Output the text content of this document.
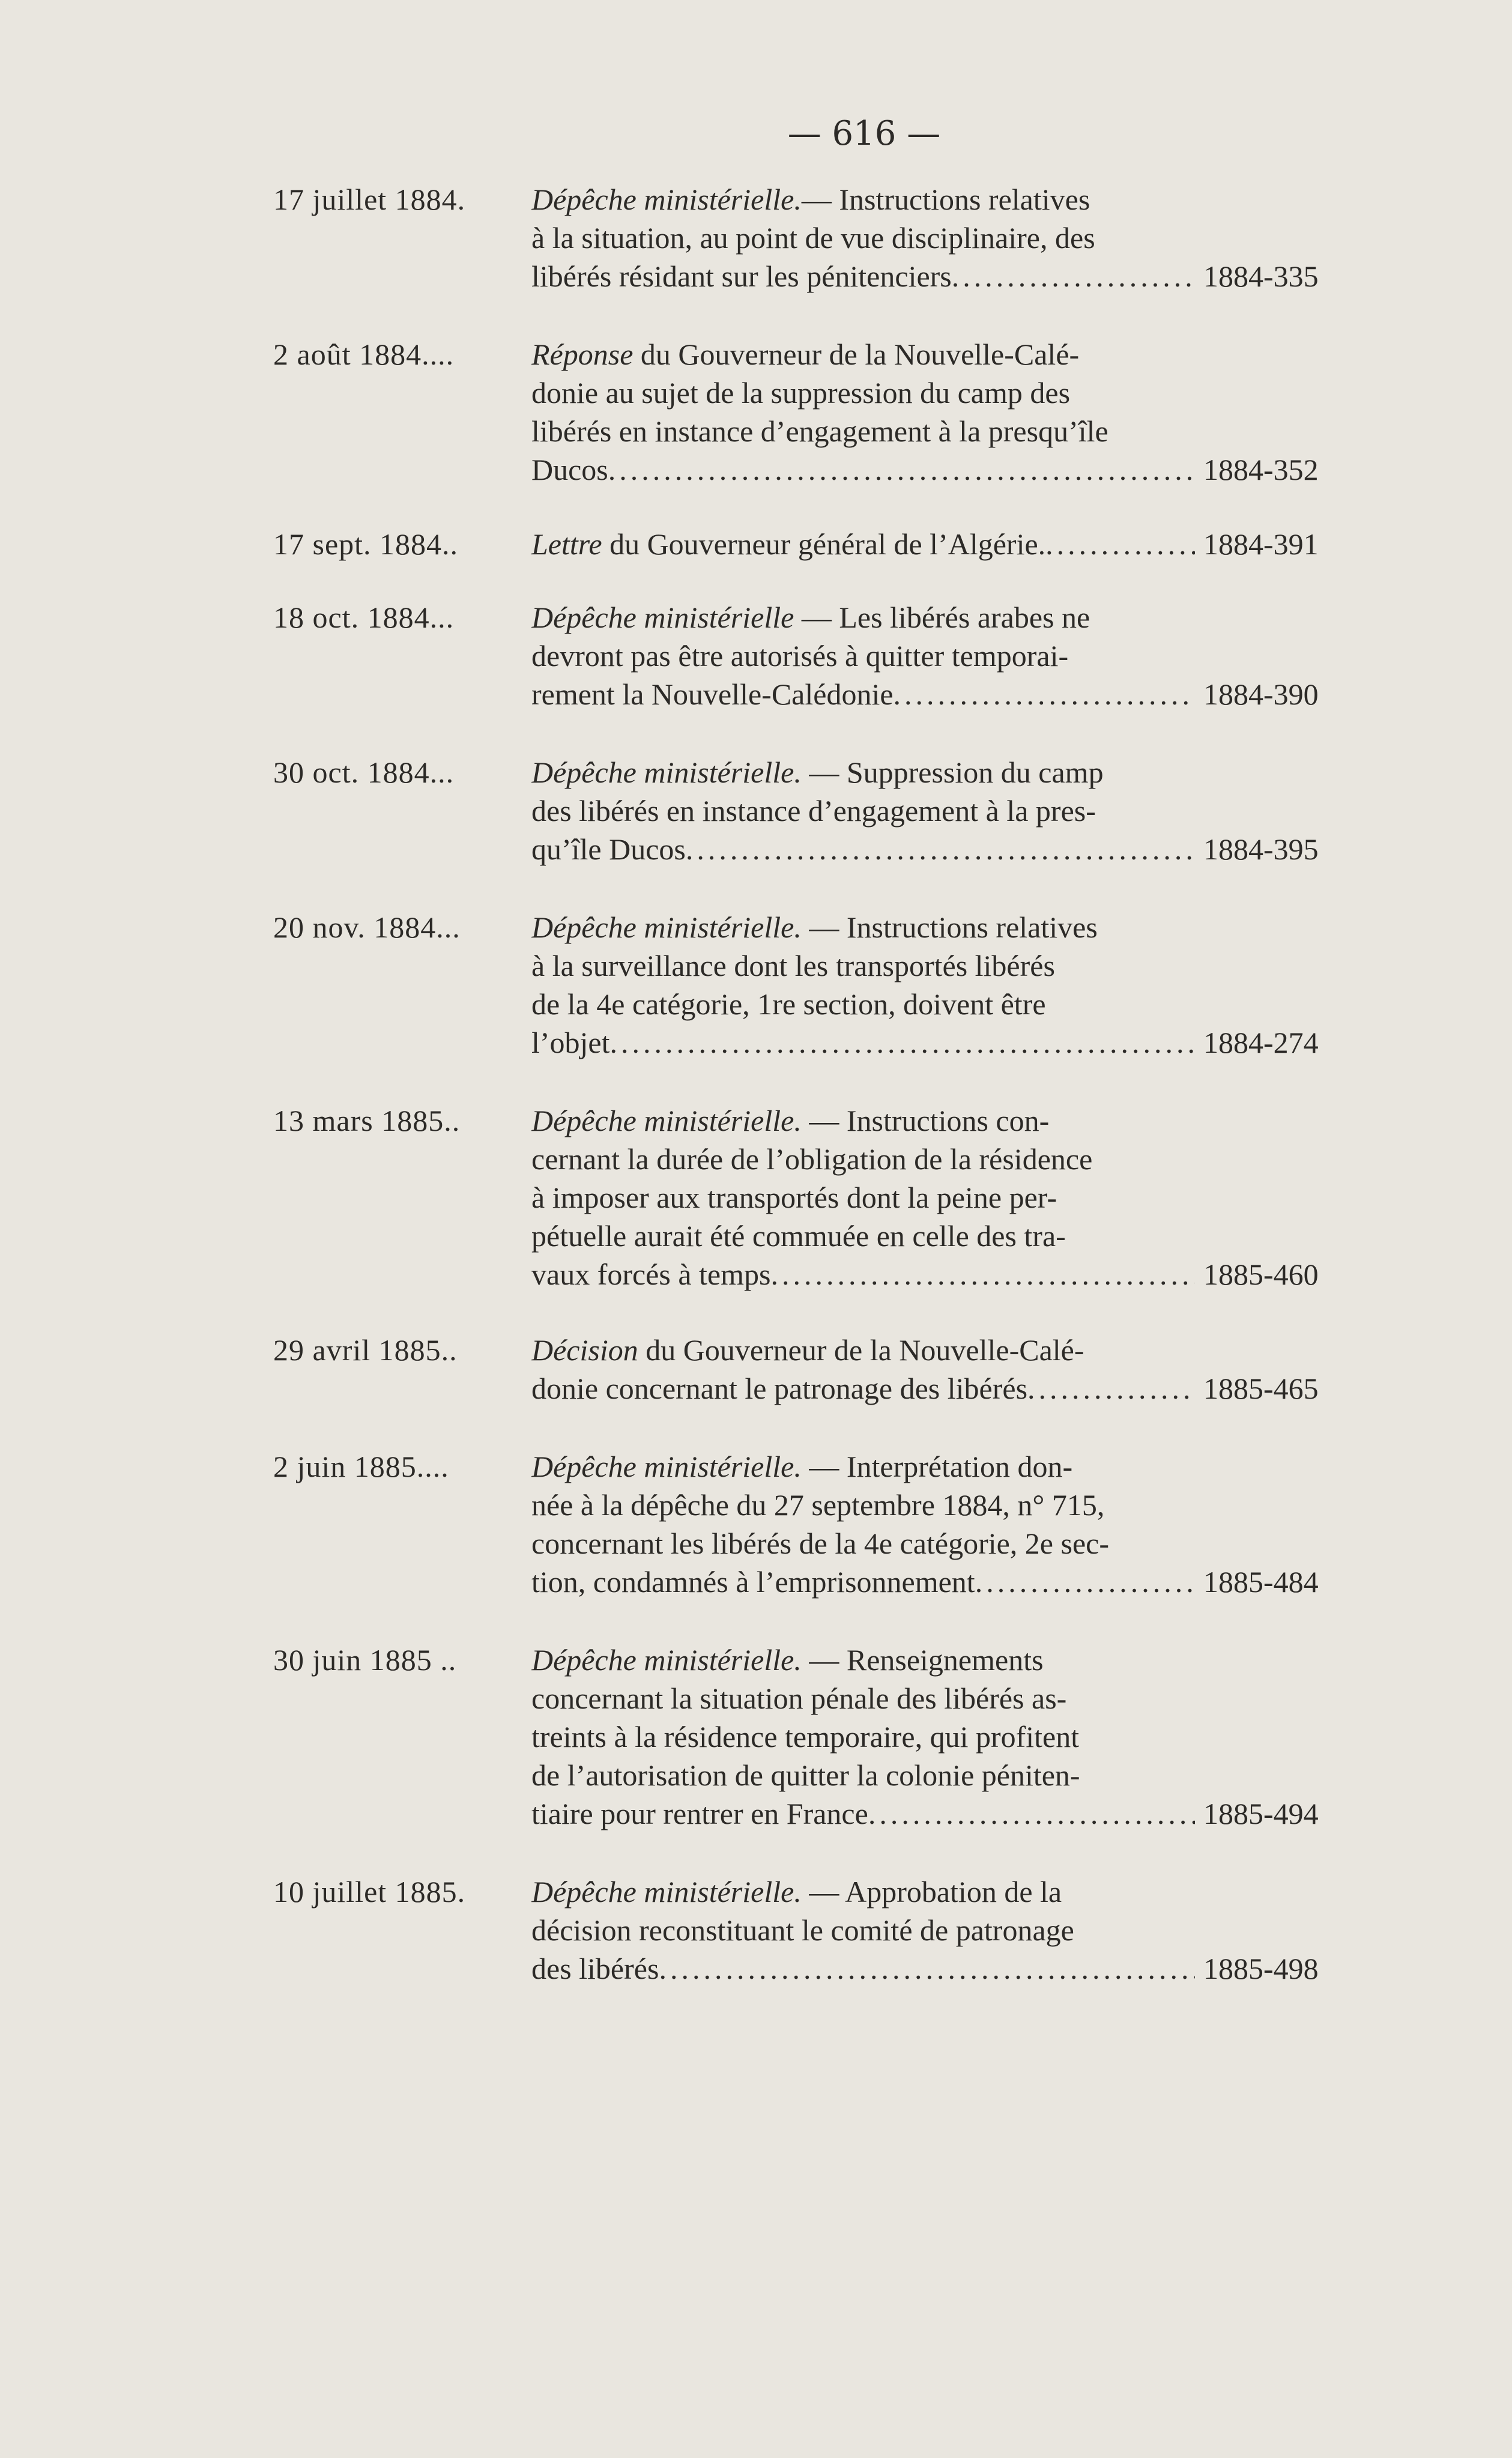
— 616 —
17 juillet 1884.	Dépêche ministérielle.— Instructions relatives
à la situation, au point de vue disciplinaire, des
libérés résidant sur les pénitenciers .....	1884-335
2 août 1884....	Réponse du Gouverneur de la Nouvelle-Calé-
donie au sujet de la suppression du camp des
libérés en instance d’engagement à la presqu’île
Ducos .....	1884-352
17 sept. 1884..	Lettre du Gouverneur général de l’Algérie. .....	1884-391
18 oct. 1884...	Dépêche ministérielle — Les libérés arabes ne
devront pas être autorisés à quitter temporai-
rement la Nouvelle-Calédonie .....	1884-390
30 oct. 1884...	Dépêche ministérielle. — Suppression du camp
des libérés en instance d’engagement à la pres-
qu’île Ducos .....	1884-395
20 nov. 1884...	Dépêche ministérielle. — Instructions relatives
à la surveillance dont les transportés libérés
de la 4e catégorie, 1re section, doivent être
l’objet .....	1884-274
13 mars 1885..	Dépêche ministérielle. — Instructions con-
cernant la durée de l’obligation de la résidence
à imposer aux transportés dont la peine per-
pétuelle aurait été commuée en celle des tra-
vaux forcés à temps .....	1885-460
29 avril 1885..	Décision du Gouverneur de la Nouvelle-Calé-
donie concernant le patronage des libérés .....	1885-465
2 juin 1885....	Dépêche ministérielle. — Interprétation don-
née à la dépêche du 27 septembre 1884, n° 715,
concernant les libérés de la 4e catégorie, 2e sec-
tion, condamnés à l’emprisonnement .....	1885-484
30 juin 1885 ..	Dépêche ministérielle. — Renseignements
concernant la situation pénale des libérés as-
treints à la résidence temporaire, qui profitent
de l’autorisation de quitter la colonie péniten-
tiaire pour rentrer en France .....	1885-494
10 juillet 1885.	Dépêche ministérielle. — Approbation de la
décision reconstituant le comité de patronage
des libérés .....	1885-498
